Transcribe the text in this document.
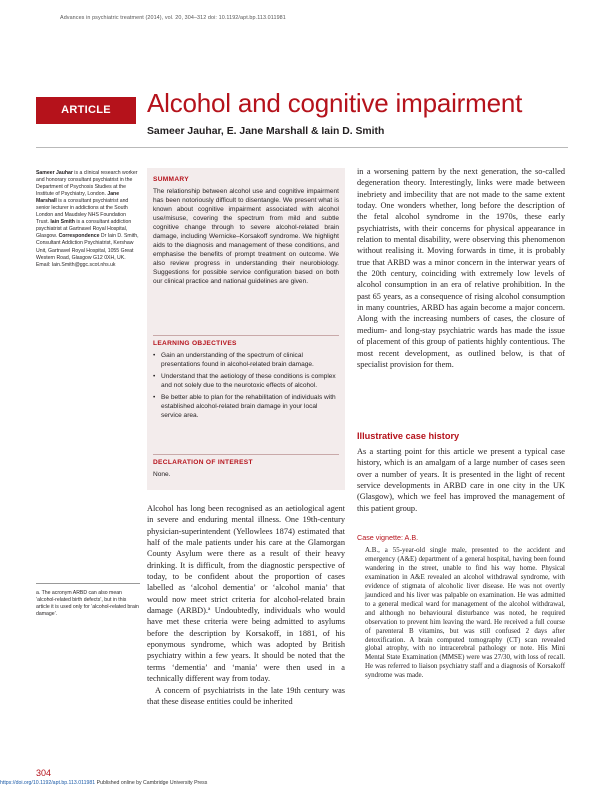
Advances in psychiatric treatment (2014), vol. 20, 304–312 doi: 10.1192/apt.bp.113.011981
ARTICLE	Alcohol and cognitive impairment
Sameer Jauhar, E. Jane Marshall & Iain D. Smith
Sameer Jauhar is a clinical research worker and honorary consultant psychiatrist in the Department of Psychosis Studies at the Institute of Psychiatry, London. Jane Marshall is a consultant psychiatrist and senior lecturer in addictions at the South London and Maudsley NHS Foundation Trust. Iain Smith is a consultant addiction psychiatrist at Gartnavel Royal Hospital, Glasgow. Correspondence Dr Iain D. Smith, Consultant Addiction Psychiatrist, Kershaw Unit, Gartnavel Royal Hospital, 1055 Great Western Road, Glasgow G12 0XH, UK. Email: Iain.Smith@ggc.scot.nhs.uk
a. The acronym ARBD can also mean ‘alcohol-related birth defects’, but in this article it is used only for ‘alcohol-related brain damage’.
SUMMARY
The relationship between alcohol use and cognitive impairment has been notoriously difficult to disentangle. We present what is known about cognitive impairment associated with alcohol use/misuse, covering the spectrum from mild and subtle cognitive change through to severe alcohol-related brain damage, including Wernicke–Korsakoff syndrome. We highlight aids to the diagnosis and management of these conditions, and emphasise the benefits of prompt treatment on outcome. We also review progress in understanding their neurobiology. Suggestions for possible service configuration based on both our clinical practice and national guidelines are given.
LEARNING OBJECTIVES
• Gain an understanding of the spectrum of clinical presentations found in alcohol-related brain damage.
• Understand that the aetiology of these conditions is complex and not solely due to the neurotoxic effects of alcohol.
• Be better able to plan for the rehabilitation of individuals with established alcohol-related brain damage in your local service area.
DECLARATION OF INTEREST
None.
Alcohol has long been recognised as an aetiological agent in severe and enduring mental illness. One 19th-century physician-superintendent (Yellowlees 1874) estimated that half of the male patients under his care at the Glamorgan County Asylum were there as a result of their heavy drinking. It is difficult, from the diagnostic perspective of today, to be confident about the proportion of cases labelled as ‘alcohol dementia’ or ‘alcohol mania’ that would now meet strict criteria for alcohol-related brain damage (ARBD).ª Undoubtedly, individuals who would have met these criteria were being admitted to asylums before the description by Korsakoff, in 1881, of his eponymous syndrome, which was adopted by British psychiatry within a few years. It should be noted that the terms ‘dementia’ and ‘mania’ were then used in a technically different way from today.
A concern of psychiatrists in the late 19th century was that these disease entities could be inherited
in a worsening pattern by the next generation, the so-called degeneration theory. Interestingly, links were made between inebriety and imbecility that are not made to the same extent today. One wonders whether, long before the description of the fetal alcohol syndrome in the 1970s, these early psychiatrists, with their concerns for physical appearance in relation to mental disability, were observing this phenomenon without realising it. Moving forwards in time, it is probably true that ARBD was a minor concern in the interwar years of the 20th century, coinciding with extremely low levels of alcohol consumption in an era of relative prohibition. In the past 65 years, as a consequence of rising alcohol consumption in many countries, ARBD has again become a major concern. Along with the increasing numbers of cases, the closure of medium- and long-stay psychiatric wards has made the issue of placement of this group of patients highly contentious. The most recent development, as outlined below, is that of specialist provision for them.
Illustrative case history
As a starting point for this article we present a typical case history, which is an amalgam of a large number of cases seen over a number of years. It is presented in the light of recent service developments in ARBD care in one city in the UK (Glasgow), which we feel has improved the management of this patient group.
Case vignette: A.B.
A.B., a 55-year-old single male, presented to the accident and emergency (A&E) department of a general hospital, having been found wandering in the street, unable to find his way home. Physical examination in A&E revealed an alcohol withdrawal syndrome, with evidence of stigmata of alcoholic liver disease. He was not overtly jaundiced and his liver was palpable on examination. He was admitted to a general medical ward for management of the alcohol withdrawal, and although no behavioural disturbance was noted, he required observation to prevent him leaving the ward. He received a full course of parenteral B vitamins, but was still confused 2 days after detoxification. A brain computed tomography (CT) scan revealed global atrophy, with no intracerebral pathology or note. His Mini Mental State Examination (MMSE) were was 27/30, with loss of recall. He was referred to liaison psychiatry staff and a diagnosis of Korsakoff syndrome was made.
304
https://doi.org/10.1192/apt.bp.113.011981 Published online by Cambridge University Press
